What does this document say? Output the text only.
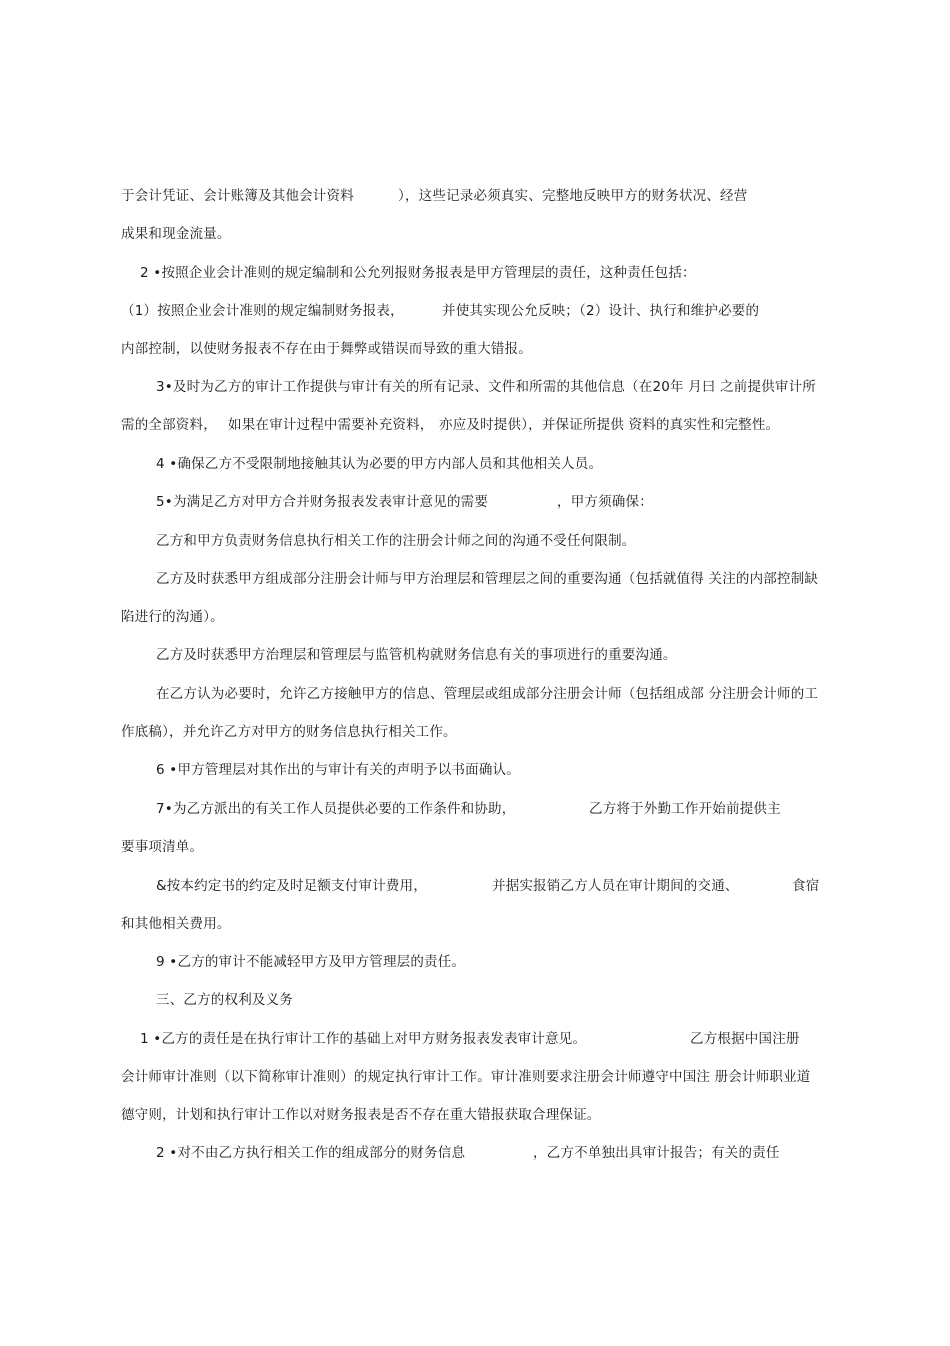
于会计凭证、会计账簿及其他会计资料	），这些记录必须真实、完整地反映甲方的财务状况、经营
成果和现金流量。
2 •按照企业会计准则的规定编制和公允列报财务报表是甲方管理层的责任，这种责任包括：
（1）按照企业会计准则的规定编制财务报表，	并使其实现公允反映；（2）设计、执行和维护必要的
内部控制，以使财务报表不存在由于舞弊或错误而导致的重大错报。
3•及时为乙方的审计工作提供与审计有关的所有记录、文件和所需的其他信息（在20年 月曰 之前提供审计所
需的全部资料， 如果在审计过程中需要补充资料， 亦应及时提供），并保证所提供 资料的真实性和完整性。
4 •确保乙方不受限制地接触其认为必要的甲方内部人员和其他相关人员。
5•为满足乙方对甲方合并财务报表发表审计意见的需要	，甲方须确保：
乙方和甲方负责财务信息执行相关工作的注册会计师之间的沟通不受任何限制。
乙方及时获悉甲方组成部分注册会计师与甲方治理层和管理层之间的重要沟通（包括就值得 关注的内部控制缺
陷进行的沟通）。
乙方及时获悉甲方治理层和管理层与监管机构就财务信息有关的事项进行的重要沟通。
在乙方认为必要时，允许乙方接触甲方的信息、管理层或组成部分注册会计师（包括组成部 分注册会计师的工
作底稿），并允许乙方对甲方的财务信息执行相关工作。
6 •甲方管理层对其作出的与审计有关的声明予以书面确认。
7•为乙方派出的有关工作人员提供必要的工作条件和协助，	乙方将于外勤工作开始前提供主
要事项清单。
&按本约定书的约定及时足额支付审计费用，	并据实报销乙方人员在审计期间的交通、	食宿
和其他相关费用。
9 •乙方的审计不能减轻甲方及甲方管理层的责任。
三、乙方的权利及义务
1 •乙方的责任是在执行审计工作的基础上对甲方财务报表发表审计意见。	乙方根据中国注册
会计师审计准则（以下简称审计准则）的规定执行审计工作。审计准则要求注册会计师遵守中国注 册会计师职业道
德守则，计划和执行审计工作以对财务报表是否不存在重大错报获取合理保证。
2 •对不由乙方执行相关工作的组成部分的财务信息	，乙方不单独出具审计报告；有关的责任
